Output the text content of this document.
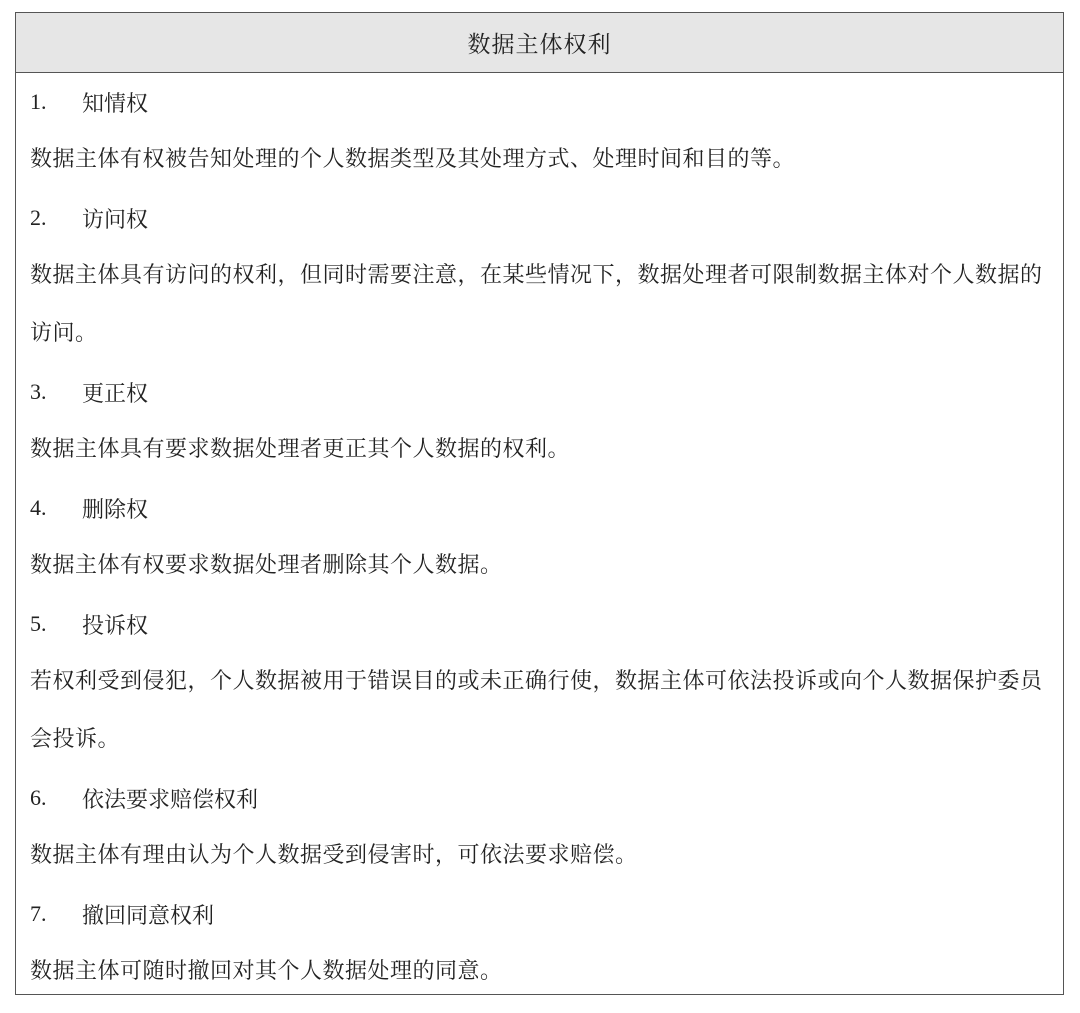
数据主体权利
1.	知情权
数据主体有权被告知处理的个人数据类型及其处理方式、处理时间和目的等。
2.	访问权
数据主体具有访问的权利，但同时需要注意，在某些情况下，数据处理者可限制数据主体对个人数据的访问。
3.	更正权
数据主体具有要求数据处理者更正其个人数据的权利。
4.	删除权
数据主体有权要求数据处理者删除其个人数据。
5.	投诉权
若权利受到侵犯，个人数据被用于错误目的或未正确行使，数据主体可依法投诉或向个人数据保护委员会投诉。
6.	依法要求赔偿权利
数据主体有理由认为个人数据受到侵害时，可依法要求赔偿。
7.	撤回同意权利
数据主体可随时撤回对其个人数据处理的同意。
